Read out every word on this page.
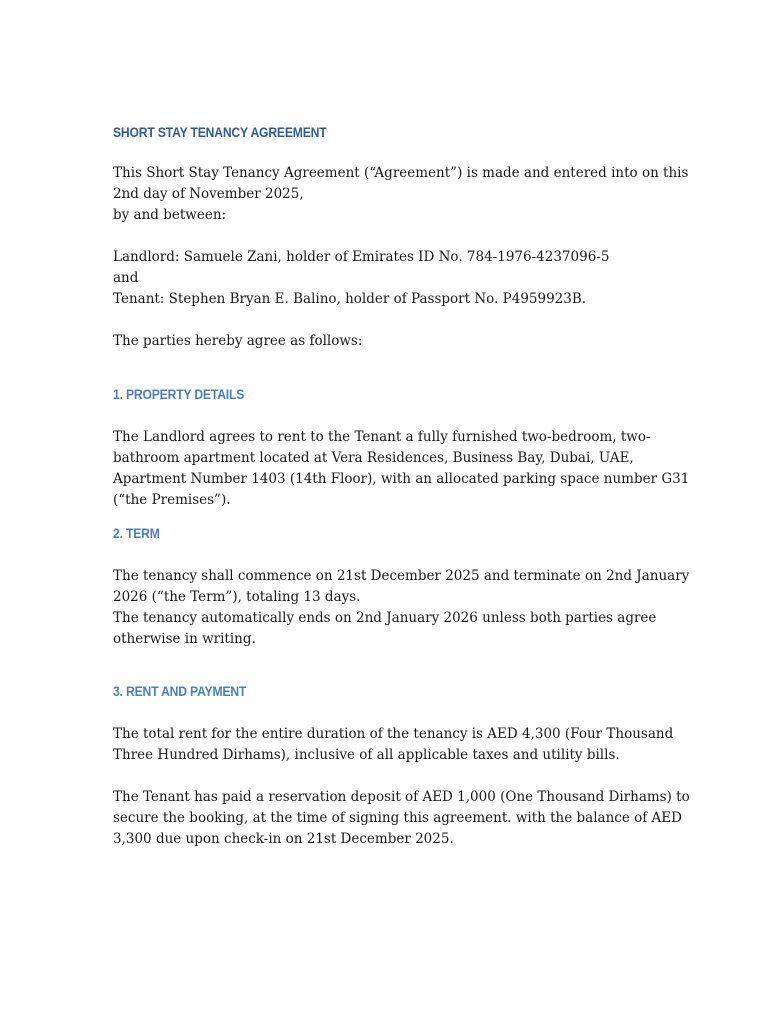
SHORT STAY TENANCY AGREEMENT

This Short Stay Tenancy Agreement (“Agreement”) is made and entered into on this
2nd day of November 2025,
by and between:

Landlord: Samuele Zani, holder of Emirates ID No. 784-1976-4237096-5
and
Tenant: Stephen Bryan E. Balino, holder of Passport No. P4959923B.

The parties hereby agree as follows:

1. PROPERTY DETAILS

The Landlord agrees to rent to the Tenant a fully furnished two-bedroom, two-
bathroom apartment located at Vera Residences, Business Bay, Dubai, UAE,
Apartment Number 1403 (14th Floor), with an allocated parking space number G31
(“the Premises”).

2. TERM

The tenancy shall commence on 21st December 2025 and terminate on 2nd January
2026 (“the Term”), totaling 13 days.
The tenancy automatically ends on 2nd January 2026 unless both parties agree
otherwise in writing.

3. RENT AND PAYMENT

The total rent for the entire duration of the tenancy is AED 4,300 (Four Thousand
Three Hundred Dirhams), inclusive of all applicable taxes and utility bills.

The Tenant has paid a reservation deposit of AED 1,000 (One Thousand Dirhams) to
secure the booking, at the time of signing this agreement. with the balance of AED
3,300 due upon check-in on 21st December 2025.
